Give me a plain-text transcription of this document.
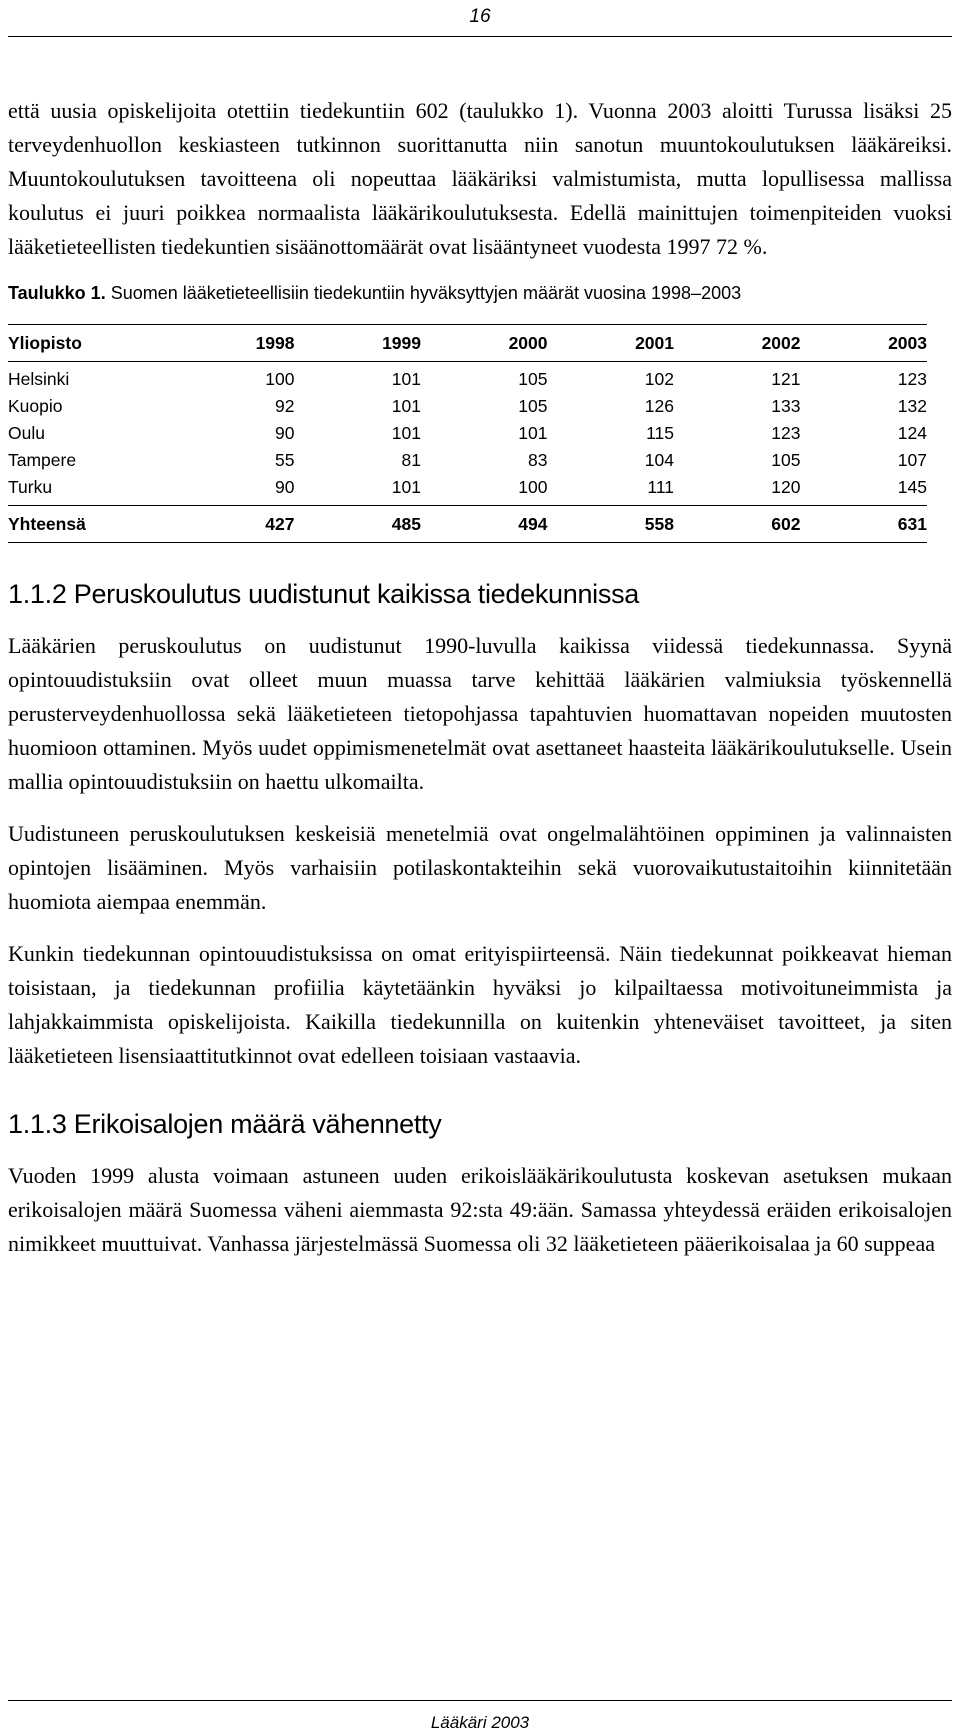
16

että uusia opiskelijoita otettiin tiedekuntiin 602 (taulukko 1). Vuonna 2003 aloitti Turussa lisäksi 25 terveydenhuollon keskiasteen tutkinnon suorittanutta niin sanotun muuntokoulutuksen lääkäreiksi. Muuntokoulutuksen tavoitteena oli nopeuttaa lääkäriksi valmistumista, mutta lopullisessa mallissa koulutus ei juuri poikkea normaalista lääkärikoulutuksesta. Edellä mainittujen toimenpiteiden vuoksi lääketieteellisten tiedekuntien sisäänottomäärät ovat lisääntyneet vuodesta 1997 72 %.

Taulukko 1. Suomen lääketieteellisiin tiedekuntiin hyväksyttyjen määrät vuosina 1998–2003
Yliopisto	1998	1999	2000	2001	2002	2003
Helsinki	100	101	105	102	121	123
Kuopio	92	101	105	126	133	132
Oulu	90	101	101	115	123	124
Tampere	55	81	83	104	105	107
Turku	90	101	100	111	120	145
Yhteensä	427	485	494	558	602	631
1.1.2 Peruskoulutus uudistunut kaikissa tiedekunnissa

Lääkärien peruskoulutus on uudistunut 1990-luvulla kaikissa viidessä tiedekunnassa. Syynä opintouudistuksiin ovat olleet muun muassa tarve kehittää lääkärien valmiuksia työskennellä perusterveydenhuollossa sekä lääketieteen tietopohjassa tapahtuvien huomattavan nopeiden muutosten huomioon ottaminen. Myös uudet oppimismenetelmät ovat asettaneet haasteita lääkärikoulutukselle. Usein mallia opintouudistuksiin on haettu ulkomailta.

Uudistuneen peruskoulutuksen keskeisiä menetelmiä ovat ongelmalähtöinen oppiminen ja valinnaisten opintojen lisääminen. Myös varhaisiin potilaskontakteihin sekä vuorovaikutustaitoihin kiinnitetään huomiota aiempaa enemmän.

Kunkin tiedekunnan opintouudistuksissa on omat erityispiirteensä. Näin tiedekunnat poikkeavat hieman toisistaan, ja tiedekunnan profiilia käytetäänkin hyväksi jo kilpailtaessa motivoituneimmista ja lahjakkaimmista opiskelijoista. Kaikilla tiedekunnilla on kuitenkin yhteneväiset tavoitteet, ja siten lääketieteen lisensiaattitutkinnot ovat edelleen toisiaan vastaavia.

1.1.3 Erikoisalojen määrä vähennetty

Vuoden 1999 alusta voimaan astuneen uuden erikoislääkärikoulutusta koskevan asetuksen mukaan erikoisalojen määrä Suomessa väheni aiemmasta 92:sta 49:ään. Samassa yhteydessä eräiden erikoisalojen nimikkeet muuttuivat. Vanhassa järjestelmässä Suomessa oli 32 lääketieteen pääerikoisalaa ja 60 suppeaa

Lääkäri 2003
